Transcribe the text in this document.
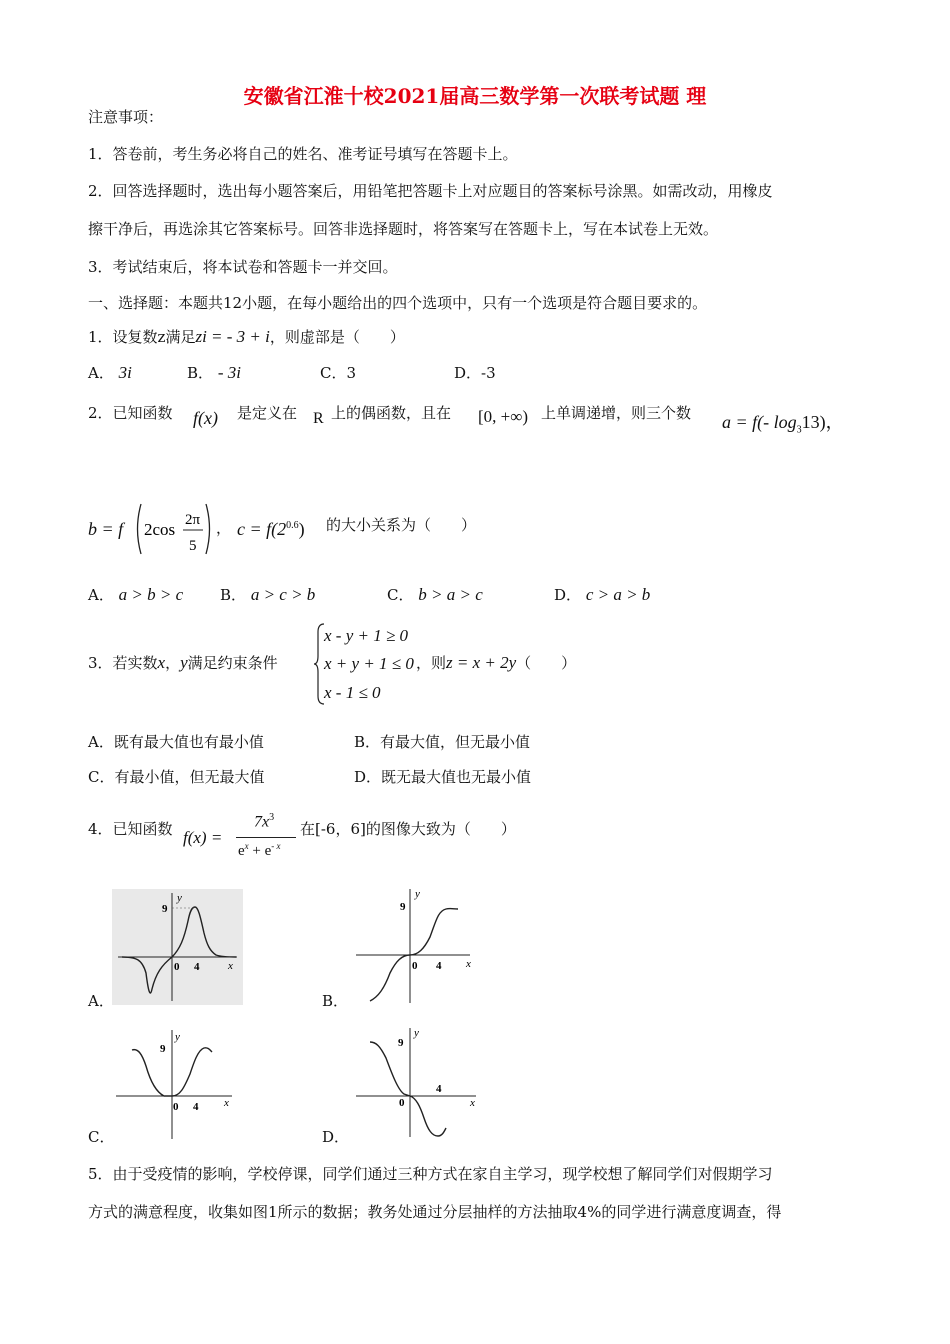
安徽省江淮十校2021届高三数学第一次联考试题 理
注意事项：
1．答卷前，考生务必将自己的姓名、准考证号填写在答题卡上。
2．回答选择题时，选出每小题答案后，用铅笔把答题卡上对应题目的答案标号涂黑。如需改动，用橡皮
擦干净后，再选涂其它答案标号。回答非选择题时，将答案写在答题卡上，写在本试卷上无效。
3．考试结束后，将本试卷和答题卡一并交回。
一、选择题：本题共12小题，在每小题给出的四个选项中，只有一个选项是符合题目要求的。
1．设复数z满足zi = - 3 + i，则虚部是（　　）
A． 3i	B． - 3i	C．3	D．-3
2．已知函数 f(x) 是定义在 R 上的偶函数，且在 [0, +∞) 上单调递增，则三个数 a = f(- $\log_313$)，
b = f 2cos 2π
5
， $c = f(2^{0.6})$ 的大小关系为（　　）
A． a > b > c B． a > c > b	C． b > a > c	D． c > a > b
3．若实数x，y满足约束条件
x - y + 1 ≥ 0
x + y + 1 ≤ 0
x - 1 ≤ 0
，则z = x + 2y（　　）
A．既有最大值也有最小值	B．有最大值，但无最小值
C．有最小值，但无最大值	D．既无最大值也无最小值
4．已知函数 f(x) =
$7x^3$
$e^x + e^{- x}$
在[-6，6]的图像大致为（　　）
9
y
0 4	x
A．
9
y
0 4 x
B．
9
y
0 4 x
C．
9
y
0
4
x
D．
5．由于受疫情的影响，学校停课，同学们通过三种方式在家自主学习，现学校想了解同学们对假期学习
方式的满意程度，收集如图1所示的数据；教务处通过分层抽样的方法抽取4%的同学进行满意度调查，得
